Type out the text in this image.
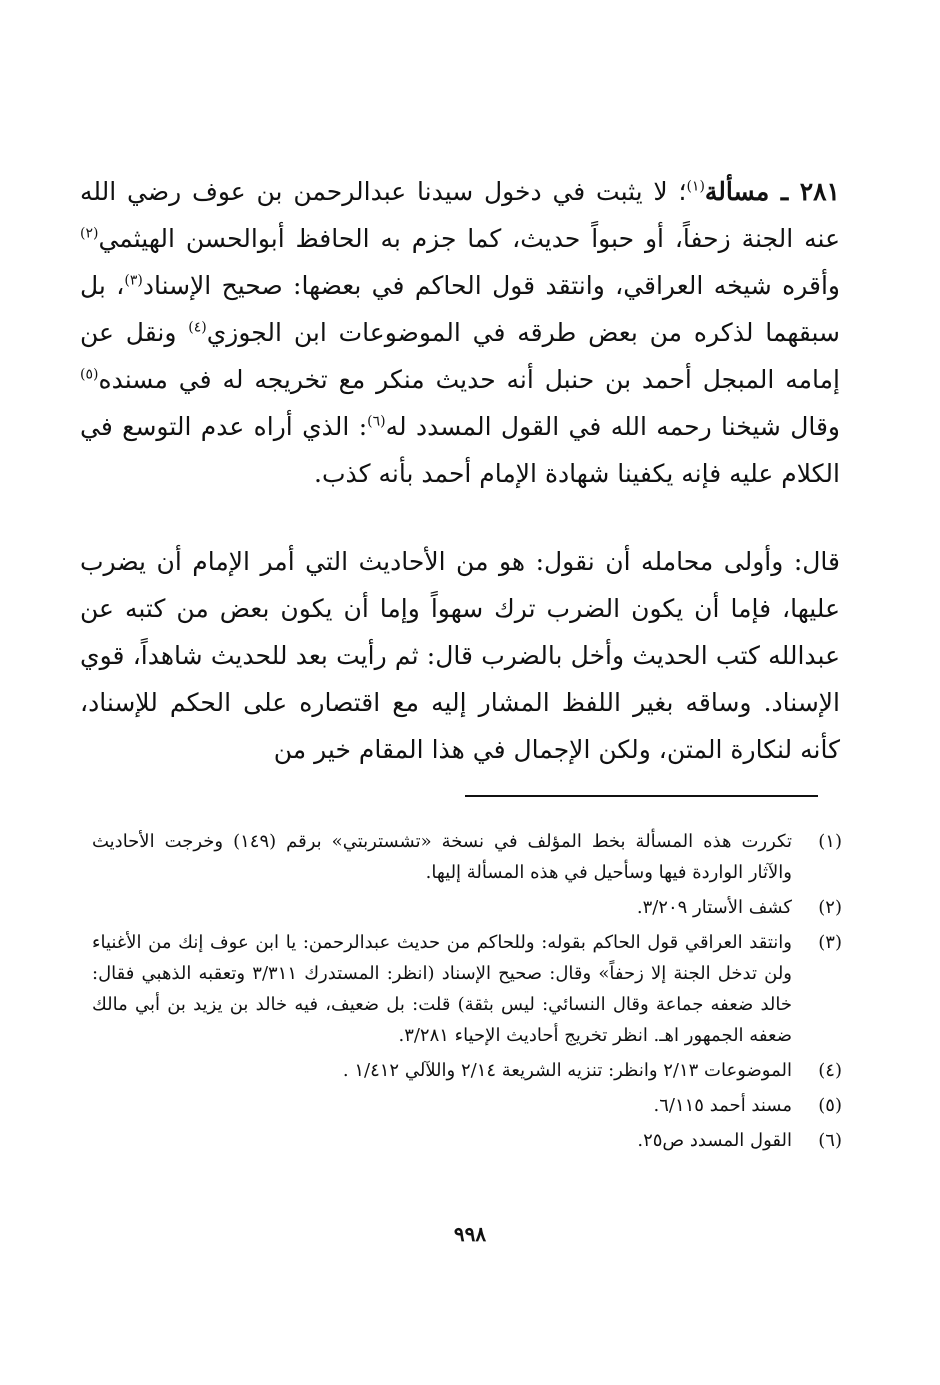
٢٨١ ـ مسألة$^{(١)}$؛ لا يثبت في دخول سيدنا عبدالرحمن بن عوف رضي الله عنه الجنة زحفاً، أو حبواً حديث، كما جزم به الحافظ أبوالحسن الهيثمي$^{(٢)}$ وأقره شيخه العراقي، وانتقد قول الحاكم في بعضها: صحيح الإسناد$^{(٣)}$، بل سبقهما لذكره من بعض طرقه في الموضوعات ابن الجوزي$^{(٤)}$ ونقل عن إمامه المبجل أحمد بن حنبل أنه حديث منكر مع تخريجه له في مسنده$^{(٥)}$ وقال شيخنا رحمه الله في القول المسدد له$^{(٦)}$: الذي أراه عدم التوسع في الكلام عليه فإنه يكفينا شهادة الإمام أحمد بأنه كذب.

قال: وأولى محامله أن نقول: هو من الأحاديث التي أمر الإمام أن يضرب عليها، فإما أن يكون الضرب ترك سهواً وإما أن يكون بعض من كتبه عن عبدالله كتب الحديث وأخل بالضرب قال: ثم رأيت بعد للحديث شاهداً، قوي الإسناد. وساقه بغير اللفظ المشار إليه مع اقتصاره على الحكم للإسناد، كأنه لنكارة المتن، ولكن الإجمال في هذا المقام خير من

(١)
تكررت هذه المسألة بخط المؤلف في نسخة «تشستربتي» برقم (١٤٩) وخرجت الأحاديث والآثار الواردة فيها وسأحيل في هذه المسألة إليها.
(٢)
كشف الأستار ٣/٢٠٩.
(٣)
وانتقد العراقي قول الحاكم بقوله: وللحاكم من حديث عبدالرحمن: يا ابن عوف إنك من الأغنياء ولن تدخل الجنة إلا زحفاً» وقال: صحيح الإسناد (انظر: المستدرك ٣/٣١١ وتعقبه الذهبي فقال: خالد ضعفه جماعة وقال النسائي: ليس بثقة) قلت: بل ضعيف، فيه خالد بن يزيد بن أبي مالك ضعفه الجمهور اهـ. انظر تخريج أحاديث الإحياء ٣/٢٨١.
(٤)
الموضوعات ٢/١٣ وانظر: تنزيه الشريعة ٢/١٤ واللآلي ١/٤١٢ .
(٥)
مسند أحمد ٦/١١٥.
(٦)
القول المسدد ص٢٥.
٩٩٨
